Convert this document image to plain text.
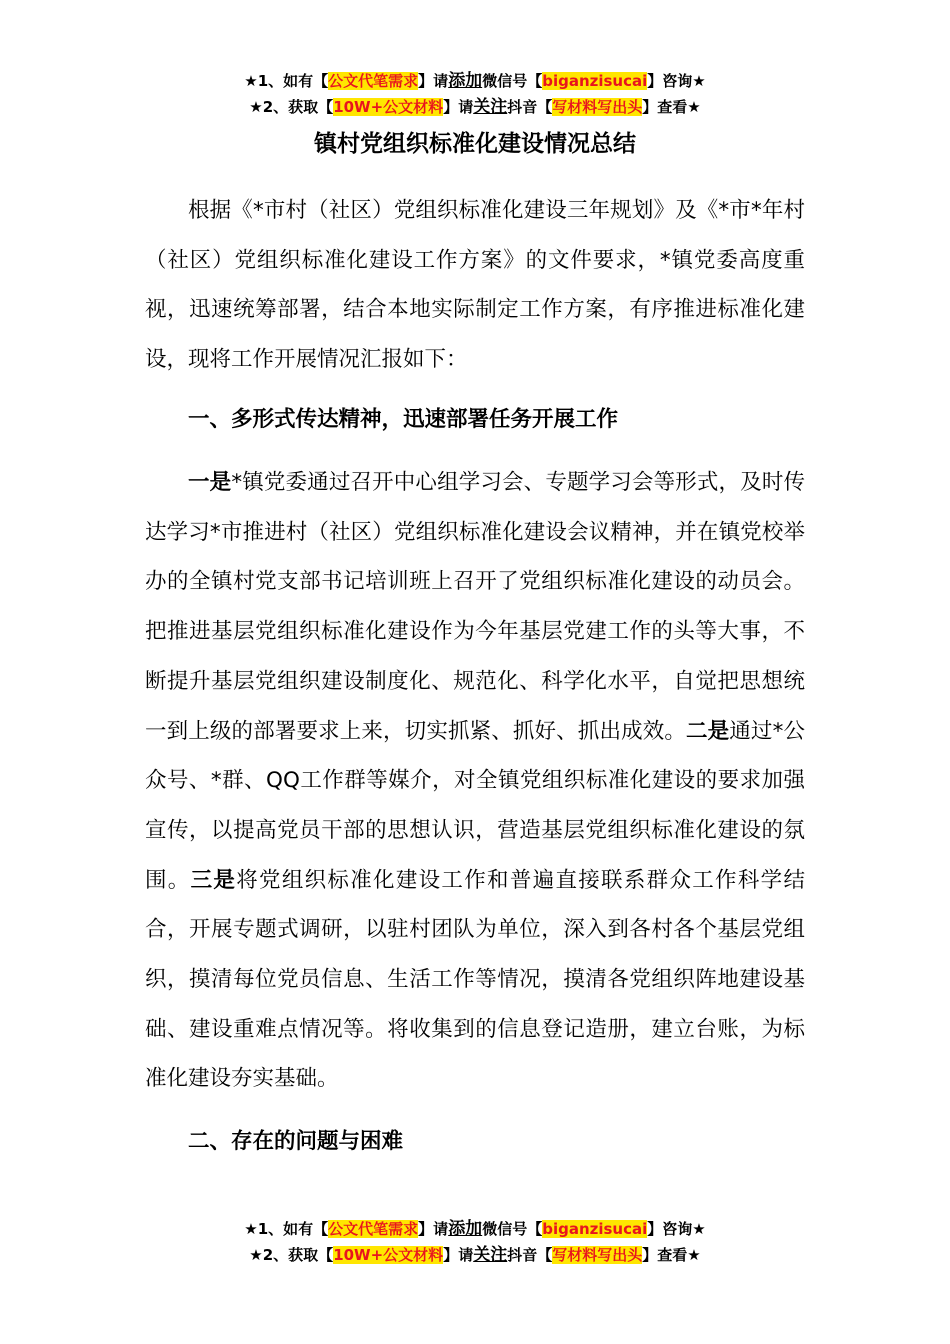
★1、如有【公文代笔需求】请添加微信号【biganzisucai】咨询★
★2、获取【10W+公文材料】请关注抖音【写材料写出头】查看★
镇村党组织标准化建设情况总结

根据《*市村（社区）党组织标准化建设三年规划》及《*市*年村（社区）党组织标准化建设工作方案》的文件要求，*镇党委高度重视，迅速统筹部署，结合本地实际制定工作方案，有序推进标准化建设，现将工作开展情况汇报如下：

一、多形式传达精神，迅速部署任务开展工作

一是*镇党委通过召开中心组学习会、专题学习会等形式，及时传达学习*市推进村（社区）党组织标准化建设会议精神，并在镇党校举办的全镇村党支部书记培训班上召开了党组织标准化建设的动员会。把推进基层党组织标准化建设作为今年基层党建工作的头等大事，不断提升基层党组织建设制度化、规范化、科学化水平，自觉把思想统一到上级的部署要求上来，切实抓紧、抓好、抓出成效。二是通过*公众号、*群、QQ工作群等媒介，对全镇党组织标准化建设的要求加强宣传，以提高党员干部的思想认识，营造基层党组织标准化建设的氛围。三是将党组织标准化建设工作和普遍直接联系群众工作科学结合，开展专题式调研，以驻村团队为单位，深入到各村各个基层党组织，摸清每位党员信息、生活工作等情况，摸清各党组织阵地建设基础、建设重难点情况等。将收集到的信息登记造册，建立台账，为标准化建设夯实基础。

二、存在的问题与困难

★1、如有【公文代笔需求】请添加微信号【biganzisucai】咨询★
★2、获取【10W+公文材料】请关注抖音【写材料写出头】查看★
